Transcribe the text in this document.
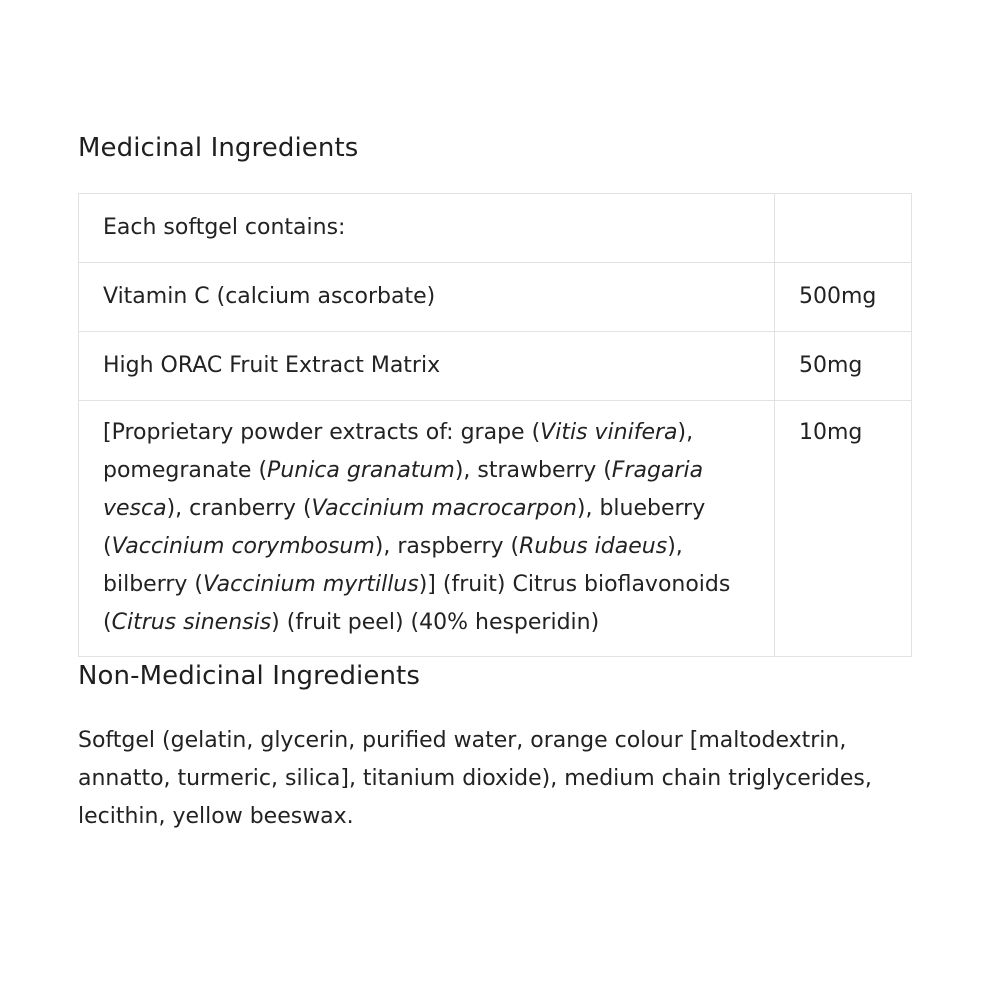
Medicinal Ingredients
Each softgel contains:	
Vitamin C (calcium ascorbate)	500mg
High ORAC Fruit Extract Matrix	50mg
[Proprietary powder extracts of: grape (Vitis vinifera), pomegranate (Punica granatum), strawberry (Fragaria vesca), cranberry (Vaccinium macrocarpon), blueberry (Vaccinium corymbosum), raspberry (Rubus idaeus), bilberry (Vaccinium myrtillus)] (fruit) Citrus bioflavonoids (Citrus sinensis) (fruit peel) (40% hesperidin)	10mg
Non-Medicinal Ingredients

Softgel (gelatin, glycerin, purified water, orange colour [maltodextrin, annatto, turmeric, silica], titanium dioxide), medium chain triglycerides, lecithin, yellow beeswax.
